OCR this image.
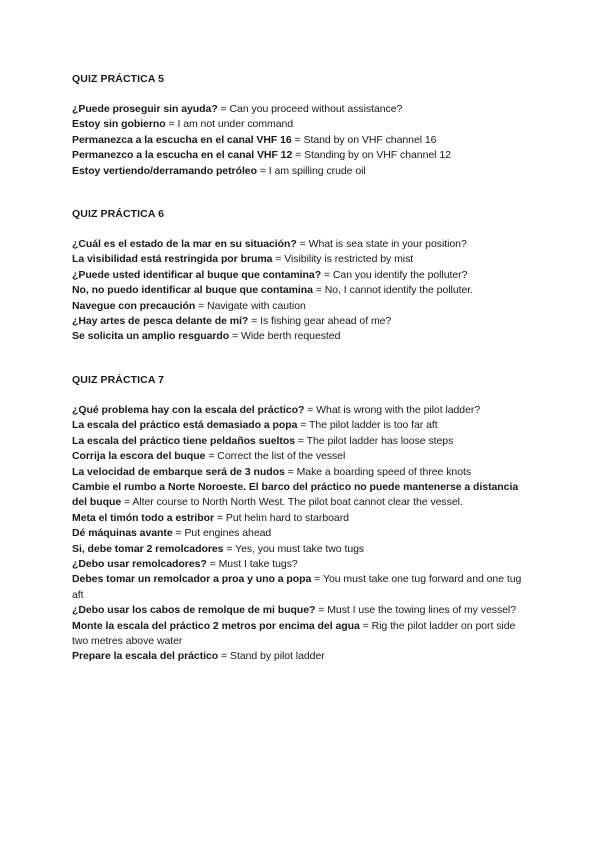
QUIZ PRÁCTICA 5

¿Puede proseguir sin ayuda? = Can you proceed without assistance?

Estoy sin gobierno = I am not under command

Permanezca a la escucha en el canal VHF 16 = Stand by on VHF channel 16

Permanezco a la escucha en el canal VHF 12 = Standing by on VHF channel 12

Estoy vertiendo/derramando petróleo = I am spilling crude oil

QUIZ PRÁCTICA 6

¿Cuál es el estado de la mar en su situación? = What is sea state in your position?

La visibilidad está restringida por bruma = Visibility is restricted by mist

¿Puede usted identificar al buque que contamina? = Can you identify the polluter?

No, no puedo identificar al buque que contamina = No, I cannot identify the polluter.

Navegue con precaución = Navigate with caution

¿Hay artes de pesca delante de mí? = Is fishing gear ahead of me?

Se solicita un amplio resguardo = Wide berth requested

QUIZ PRÁCTICA 7

¿Qué problema hay con la escala del práctico? = What is wrong with the pilot ladder?

La escala del práctico está demasiado a popa = The pilot ladder is too far aft

La escala del práctico tiene peldaños sueltos = The pilot ladder has loose steps

Corrija la escora del buque = Correct the list of the vessel

La velocidad de embarque será de 3 nudos = Make a boarding speed of three knots

Cambie el rumbo a Norte Noroeste. El barco del práctico no puede mantenerse a distancia del buque = Alter course to North North West. The pilot boat cannot clear the vessel.

Meta el timón todo a estribor = Put helm hard to starboard

Dé máquinas avante = Put engines ahead

Si, debe tomar 2 remolcadores = Yes, you must take two tugs

¿Debo usar remolcadores? = Must I take tugs?

Debes tomar un remolcador a proa y uno a popa = You must take one tug forward and one tug aft

¿Debo usar los cabos de remolque de mi buque? = Must I use the towing lines of my vessel?

Monte la escala del práctico 2 metros por encima del agua = Rig the pilot ladder on port side two metres above water

Prepare la escala del práctico = Stand by pilot ladder
